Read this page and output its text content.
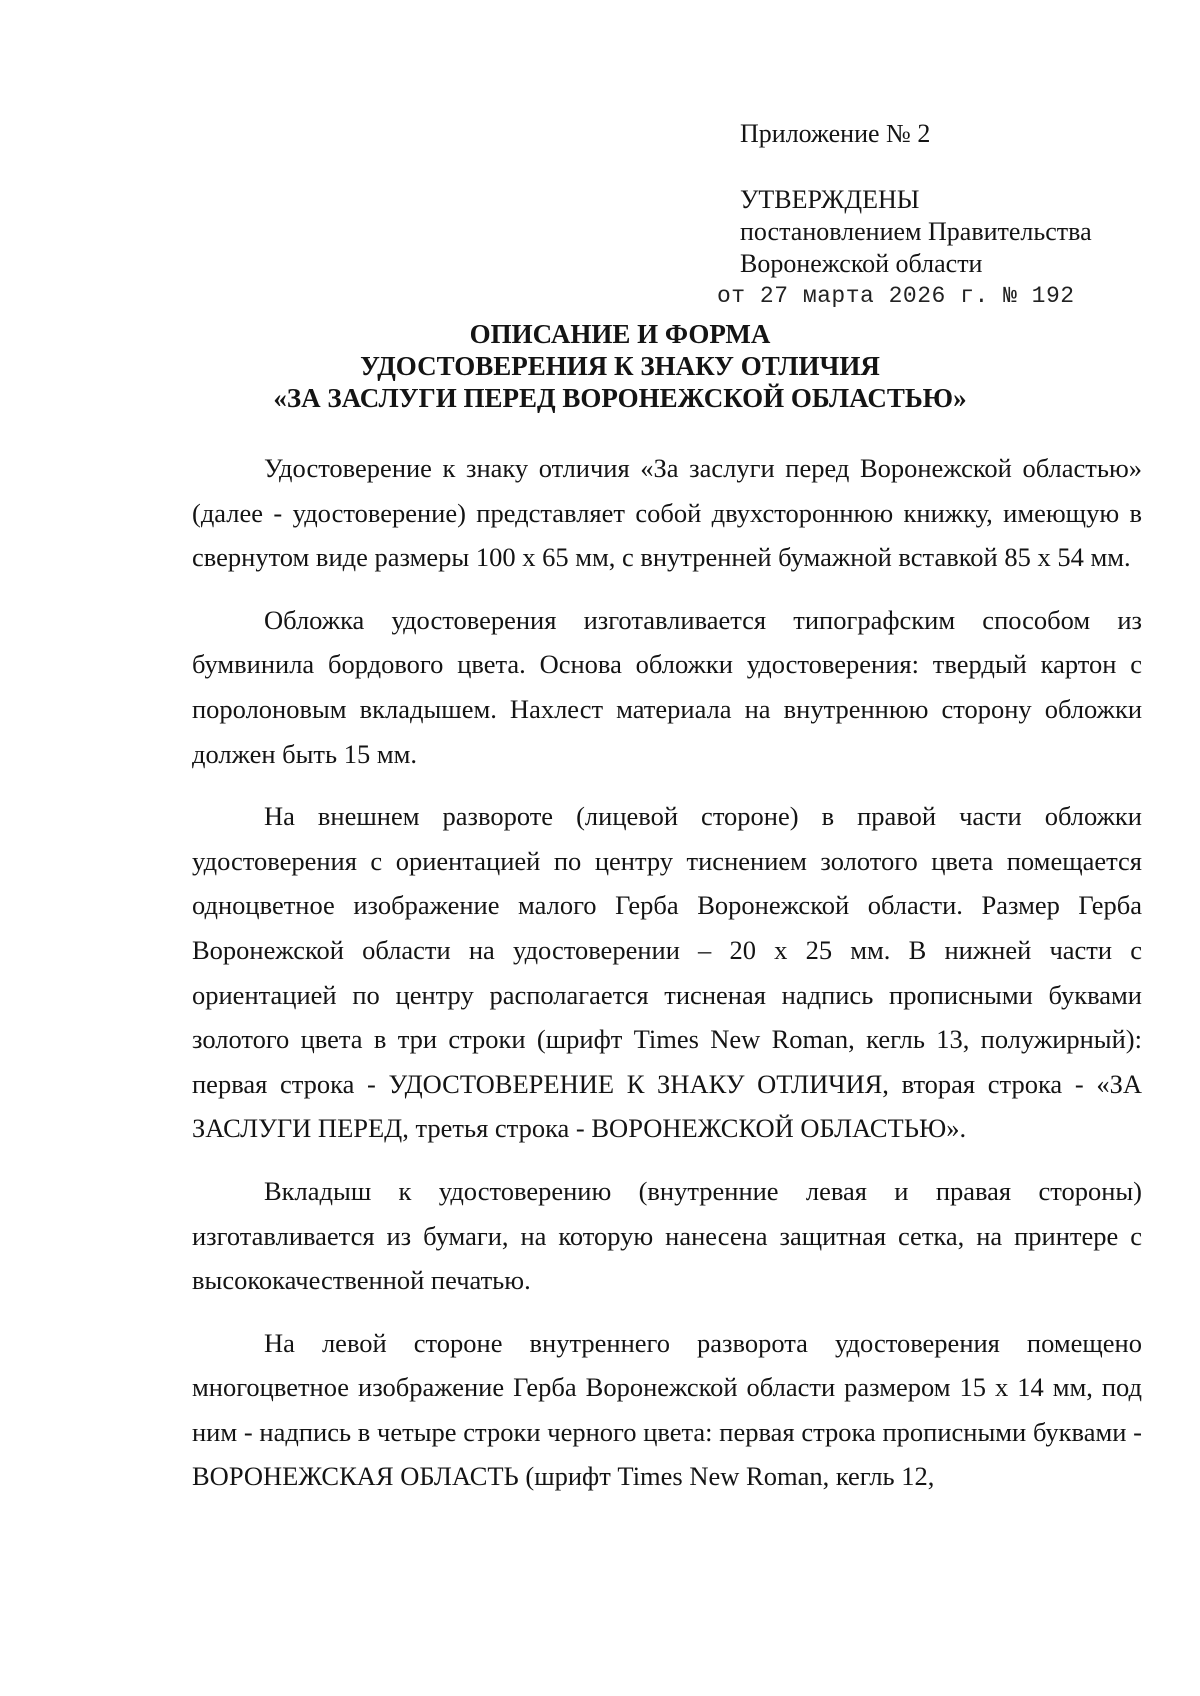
Приложение № 2
УТВЕРЖДЕНЫ
постановлением Правительства
Воронежской области
от 27 марта 2026 г. № 192
ОПИСАНИЕ И ФОРМА
УДОСТОВЕРЕНИЯ К ЗНАКУ ОТЛИЧИЯ
«ЗА ЗАСЛУГИ ПЕРЕД ВОРОНЕЖСКОЙ ОБЛАСТЬЮ»

Удостоверение к знаку отличия «За заслуги перед Воронежской областью» (далее - удостоверение) представляет собой двухстороннюю книжку, имеющую в свернутом виде размеры 100 х 65 мм, с внутренней бумажной вставкой 85 х 54 мм.

Обложка удостоверения изготавливается типографским способом из бумвинила бордового цвета. Основа обложки удостоверения: твердый картон с поролоновым вкладышем. Нахлест материала на внутреннюю сторону обложки должен быть 15 мм.

На внешнем развороте (лицевой стороне) в правой части обложки удостоверения с ориентацией по центру тиснением золотого цвета помещается одноцветное изображение малого Герба Воронежской области. Размер Герба Воронежской области на удостоверении – 20 х 25 мм. В нижней части с ориентацией по центру располагается тисненая надпись прописными буквами золотого цвета в три строки (шрифт Times New Roman, кегль 13, полужирный): первая строка - УДОСТОВЕРЕНИЕ К ЗНАКУ ОТЛИЧИЯ, вторая строка - «ЗА ЗАСЛУГИ ПЕРЕД, третья строка - ВОРОНЕЖСКОЙ ОБЛАСТЬЮ».

Вкладыш к удостоверению (внутренние левая и правая стороны) изготавливается из бумаги, на которую нанесена защитная сетка, на принтере с высококачественной печатью.

На левой стороне внутреннего разворота удостоверения помещено многоцветное изображение Герба Воронежской области размером 15 х 14 мм, под ним - надпись в четыре строки черного цвета: первая строка прописными буквами - ВОРОНЕЖСКАЯ ОБЛАСТЬ (шрифт Times New Roman, кегль 12,
